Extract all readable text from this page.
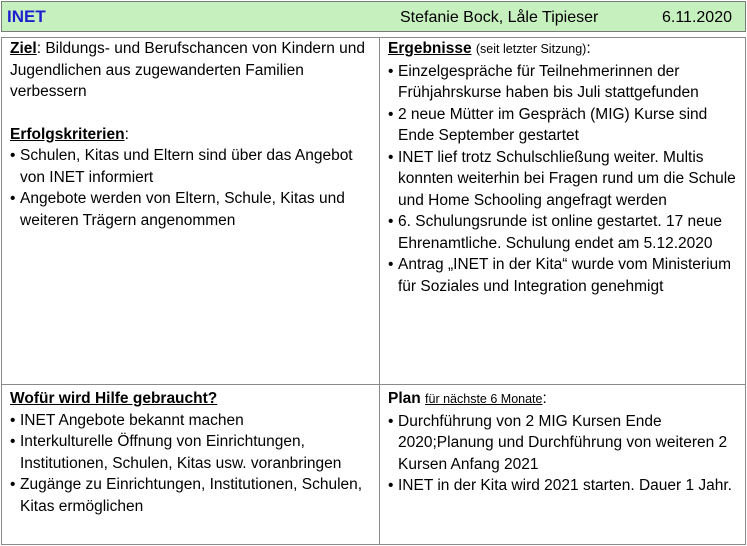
INET	Stefanie Bock, Låle Tipieser	6.11.2020

Ziel: Bildungs- und Berufschancen von Kindern und Jugendlichen aus zugewanderten Familien verbessern

Erfolgskriterien:

• Schulen, Kitas und Eltern sind über das Angebot von INET informiert
• Angebote werden von Eltern, Schule, Kitas und weiteren Trägern angenommen

Ergebnisse (seit letzter Sitzung):

• Einzelgespräche für Teilnehmerinnen der Frühjahrskurse haben bis Juli stattgefunden
• 2 neue Mütter im Gespräch (MIG) Kurse sind Ende September gestartet
• INET lief trotz Schulschließung weiter. Multis konnten weiterhin bei Fragen rund um die Schule und Home Schooling angefragt werden
• 6. Schulungsrunde ist online gestartet. 17 neue Ehrenamtliche. Schulung endet am 5.12.2020
• Antrag „INET in der Kita“ wurde vom Ministerium für Soziales und Integration genehmigt

Wofür wird Hilfe gebraucht?

• INET Angebote bekannt machen
• Interkulturelle Öffnung von Einrichtungen, Institutionen, Schulen, Kitas usw. voranbringen
• Zugänge zu Einrichtungen, Institutionen, Schulen, Kitas ermöglichen

Plan für nächste 6 Monate:

• Durchführung von 2 MIG Kursen Ende 2020;Planung und Durchführung von weiteren 2 Kursen Anfang 2021
• INET in der Kita wird 2021 starten. Dauer 1 Jahr.
